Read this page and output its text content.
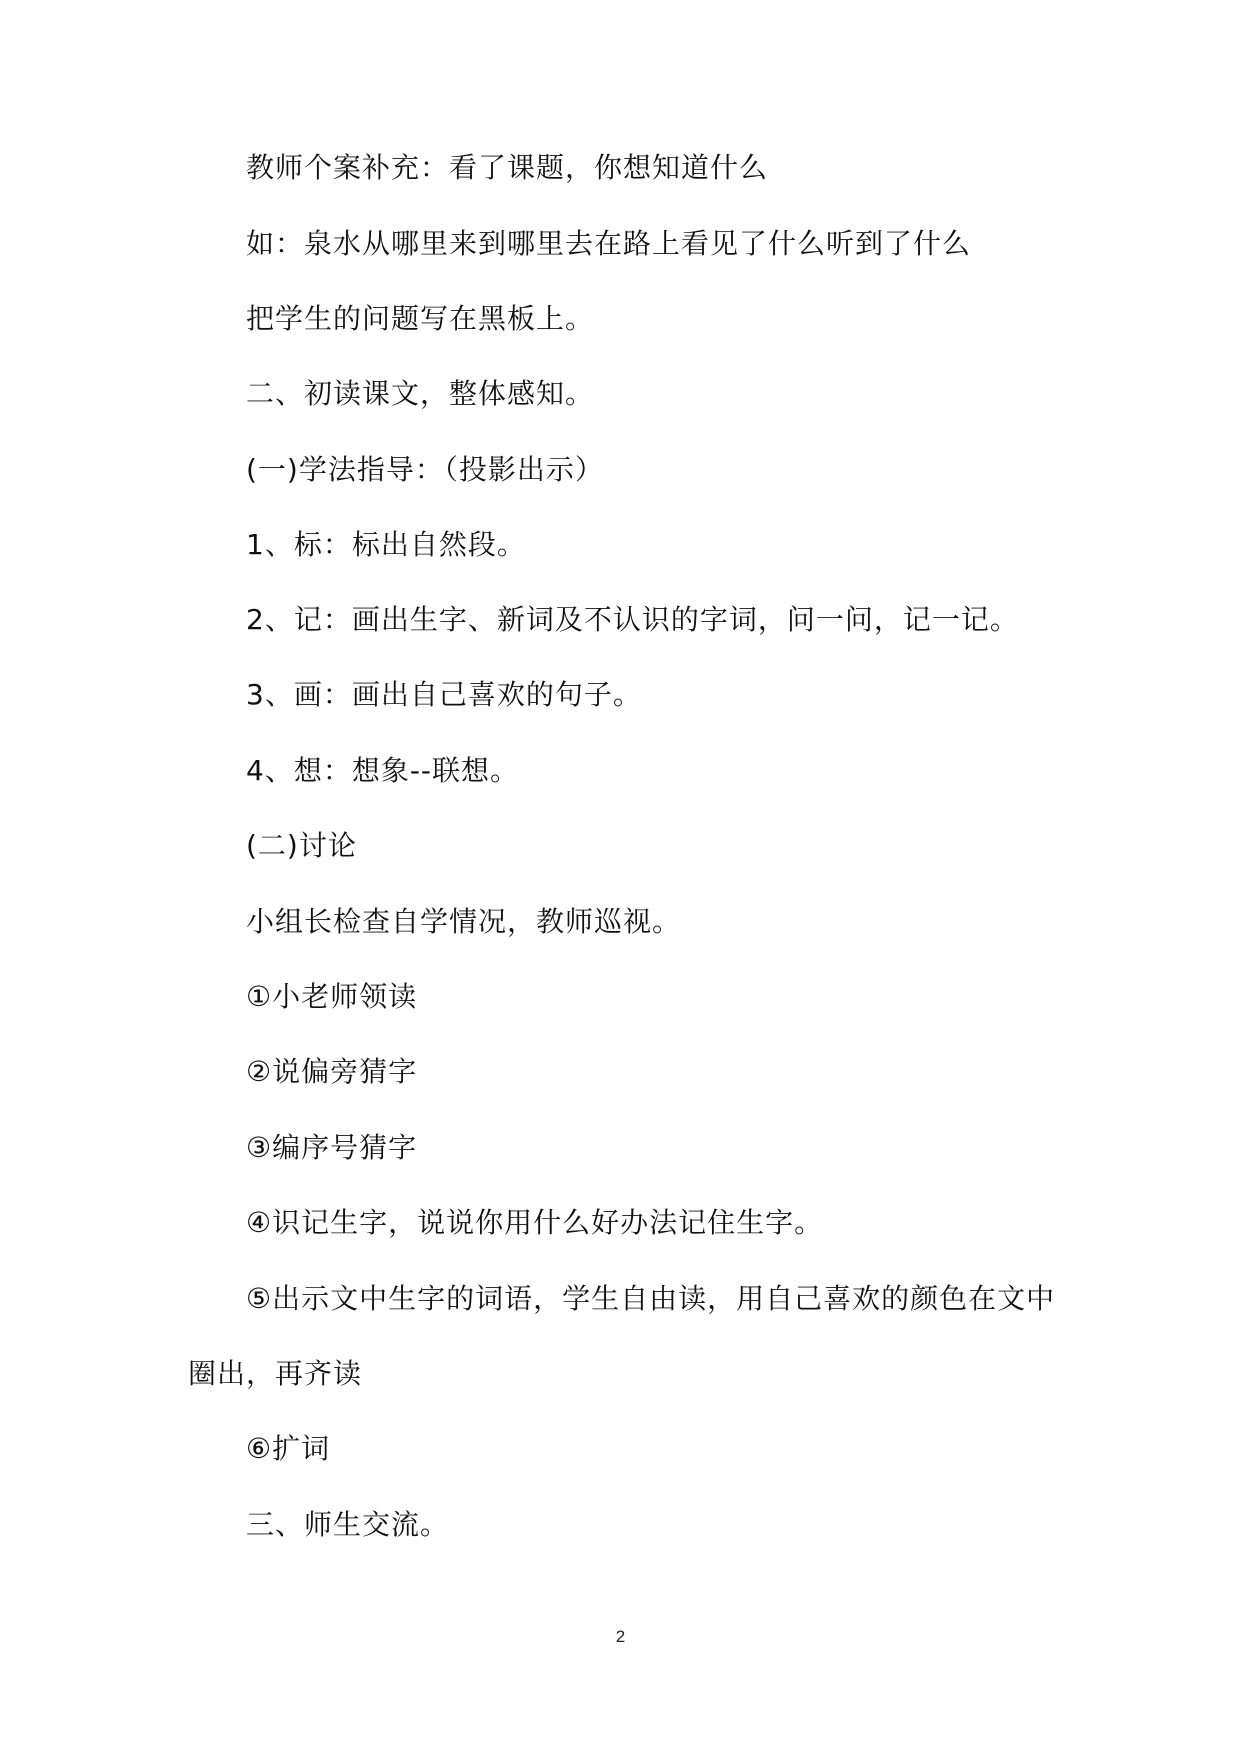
教师个案补充：看了课题，你想知道什么
如：泉水从哪里来到哪里去在路上看见了什么听到了什么
把学生的问题写在黑板上。
二、初读课文，整体感知。
(一)学法指导：（投影出示）
1、标：标出自然段。
2、记：画出生字、新词及不认识的字词，问一问，记一记。
3、画：画出自己喜欢的句子。
4、想：想象--联想。
(二)讨论
小组长检查自学情况，教师巡视。
①小老师领读
②说偏旁猜字
③编序号猜字
④识记生字，说说你用什么好办法记住生字。
⑤出示文中生字的词语，学生自由读，用自己喜欢的颜色在文中
圈出，再齐读
⑥扩词
三、师生交流。
2
